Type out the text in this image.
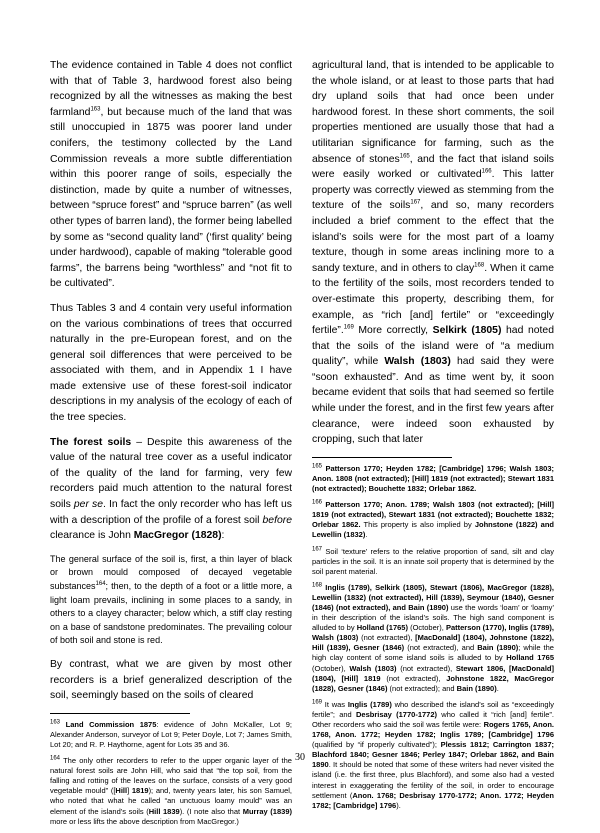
The evidence contained in Table 4 does not conflict with that of Table 3, hardwood forest also being recognized by all the witnesses as making the best farmland$^{163}$, but because much of the land that was still unoccupied in 1875 was poorer land under conifers, the testimony collected by the Land Commission reveals a more subtle differentiation within this poorer range of soils, especially the distinction, made by quite a number of witnesses, between “spruce forest” and “spruce barren” (as well other types of barren land), the former being labelled by some as “second quality land” (‘first quality’ being under hardwood), capable of making “tolerable good farms”, the barrens being “worthless” and “not fit to be cultivated”.

Thus Tables 3 and 4 contain very useful information on the various combinations of trees that occurred naturally in the pre-European forest, and on the general soil differences that were perceived to be associated with them, and in Appendix 1 I have made extensive use of these forest-soil indicator descriptions in my analysis of the ecology of each of the tree species.

The forest soils – Despite this awareness of the value of the natural tree cover as a useful indicator of the quality of the land for farming, very few recorders paid much attention to the natural forest soils per se. In fact the only recorder who has left us with a description of the profile of a forest soil before clearance is John MacGregor (1828):

The general surface of the soil is, first, a thin layer of black or brown mould composed of decayed vegetable substances$^{164}$; then, to the depth of a foot or a little more, a light loam prevails, inclining in some places to a sandy, in others to a clayey character; below which, a stiff clay resting on a base of sandstone predominates. The prevailing colour of both soil and stone is red.

By contrast, what we are given by most other recorders is a brief generalized description of the soil, seemingly based on the soils of cleared

$^{163}$ Land Commission 1875: evidence of John McKaller, Lot 9; Alexander Anderson, surveyor of Lot 9; Peter Doyle, Lot 7; James Smith, Lot 20; and R. P. Haythorne, agent for Lots 35 and 36.

$^{164}$ The only other recorders to refer to the upper organic layer of the natural forest soils are John Hill, who said that “the top soil, from the falling and rotting of the leaves on the surface, consists of a very good vegetable mould” ([Hill] 1819); and, twenty years later, his son Samuel, who noted that what he called “an unctuous loamy mould” was an element of the island’s soils (Hill 1839). (I note also that Murray (1839) more or less lifts the above description from MacGregor.)

agricultural land, that is intended to be applicable to the whole island, or at least to those parts that had dry upland soils that had once been under hardwood forest. In these short comments, the soil properties mentioned are usually those that had a utilitarian significance for farming, such as the absence of stones$^{165}$, and the fact that island soils were easily worked or cultivated$^{166}$. This latter property was correctly viewed as stemming from the texture of the soils$^{167}$, and so, many recorders included a brief comment to the effect that the island’s soils were for the most part of a loamy texture, though in some areas inclining more to a sandy texture, and in others to clay$^{168}$. When it came to the fertility of the soils, most recorders tended to over-estimate this property, describing them, for example, as “rich [and] fertile” or “exceedingly fertile”.$^{169}$ More correctly, Selkirk (1805) had noted that the soils of the island were of “a medium quality”, while Walsh (1803) had said they were “soon exhausted”. And as time went by, it soon became evident that soils that had seemed so fertile while under the forest, and in the first few years after clearance, were indeed soon exhausted by cropping, such that later

$^{165}$ Patterson 1770; Heyden 1782; [Cambridge] 1796; Walsh 1803; Anon. 1808 (not extracted); [Hill] 1819 (not extracted); Stewart 1831 (not extracted); Bouchette 1832; Orlebar 1862.

$^{166}$ Patterson 1770; Anon. 1789; Walsh 1803 (not extracted); [Hill] 1819 (not extracted), Stewart 1831 (not extracted); Bouchette 1832; Orlebar 1862. This property is also implied by Johnstone (1822) and Lewellin (1832).

$^{167}$ Soil ‘texture’ refers to the relative proportion of sand, silt and clay particles in the soil. It is an innate soil property that is determined by the soil parent material.

$^{168}$ Inglis (1789), Selkirk (1805), Stewart (1806), MacGregor (1828), Lewellin (1832) (not extracted), Hill (1839), Seymour (1840), Gesner (1846) (not extracted), and Bain (1890) use the words ‘loam’ or ‘loamy’ in their description of the island’s soils. The high sand component is alluded to by Holland (1765) (October), Patterson (1770), Inglis (1789), Walsh (1803) (not extracted), [MacDonald] (1804), Johnstone (1822), Hill (1839), Gesner (1846) (not extracted), and Bain (1890); while the high clay content of some island soils is alluded to by Holland 1765 (October), Walsh (1803) (not extracted), Stewart 1806, [MacDonald] (1804), [Hill] 1819 (not extracted), Johnstone 1822, MacGregor (1828), Gesner (1846) (not extracted); and Bain (1890).

$^{169}$ It was Inglis (1789) who described the island’s soil as “exceedingly fertile”; and Desbrisay (1770-1772) who called it “rich [and] fertile”. Other recorders who said the soil was fertile were: Rogers 1765, Anon. 1768, Anon. 1772; Heyden 1782; Inglis 1789; [Cambridge] 1796 (qualified by “if properly cultivated”); Plessis 1812; Carrington 1837; Blachford 1840; Gesner 1846; Perley 1847; Orlebar 1862, and Bain 1890. It should be noted that some of these writers had never visited the island (i.e. the first three, plus Blachford), and some also had a vested interest in exaggerating the fertility of the soil, in order to encourage settlement (Anon. 1768; Desbrisay 1770-1772; Anon. 1772; Heyden 1782; [Cambridge] 1796).

30
